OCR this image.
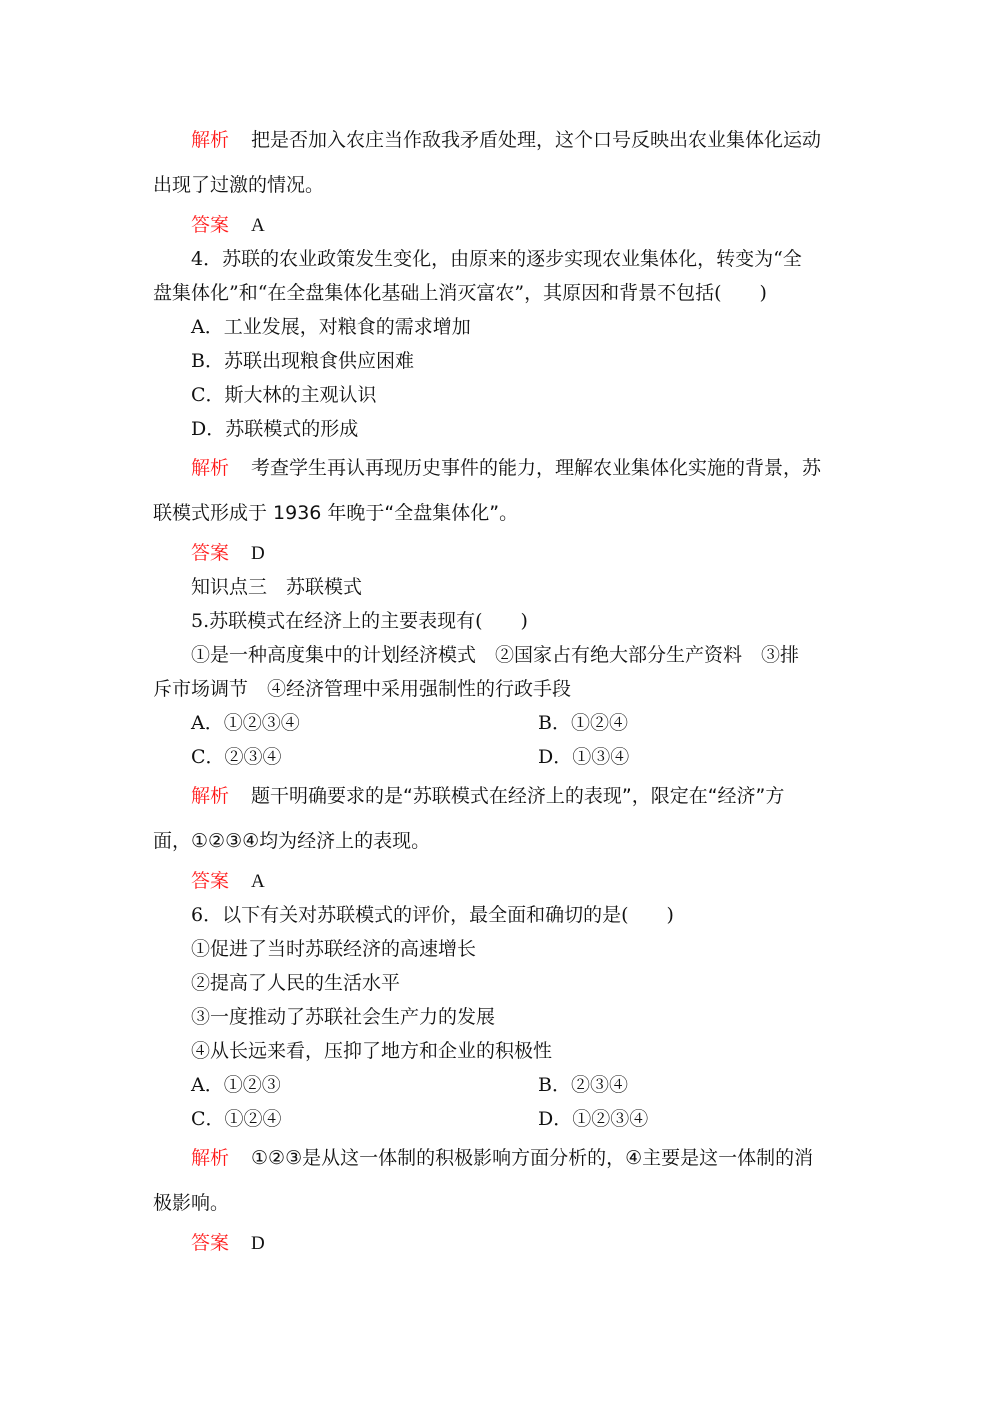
解析 把是否加入农庄当作敌我矛盾处理，这个口号反映出农业集体化运动
出现了过激的情况。
答案 A
4．苏联的农业政策发生变化，由原来的逐步实现农业集体化，转变为“全
盘集体化”和“在全盘集体化基础上消灭富农”，其原因和背景不包括(　　)
A．工业发展，对粮食的需求增加
B．苏联出现粮食供应困难
C．斯大林的主观认识
D．苏联模式的形成
解析 考查学生再认再现历史事件的能力，理解农业集体化实施的背景，苏
联模式形成于 1936 年晚于“全盘集体化”。
答案 D
知识点三　苏联模式
5.苏联模式在经济上的主要表现有(　　)
①是一种高度集中的计划经济模式　②国家占有绝大部分生产资料　③排
斥市场调节　④经济管理中采用强制性的行政手段
A．①②③④	B．①②④
C．②③④	D．①③④
解析 题干明确要求的是“苏联模式在经济上的表现”，限定在“经济”方
面，①②③④均为经济上的表现。
答案 A
6．以下有关对苏联模式的评价，最全面和确切的是(　　)
①促进了当时苏联经济的高速增长
②提高了人民的生活水平
③一度推动了苏联社会生产力的发展
④从长远来看，压抑了地方和企业的积极性
A．①②③	B．②③④
C．①②④	D．①②③④
解析 ①②③是从这一体制的积极影响方面分析的，④主要是这一体制的消
极影响。
答案 D
